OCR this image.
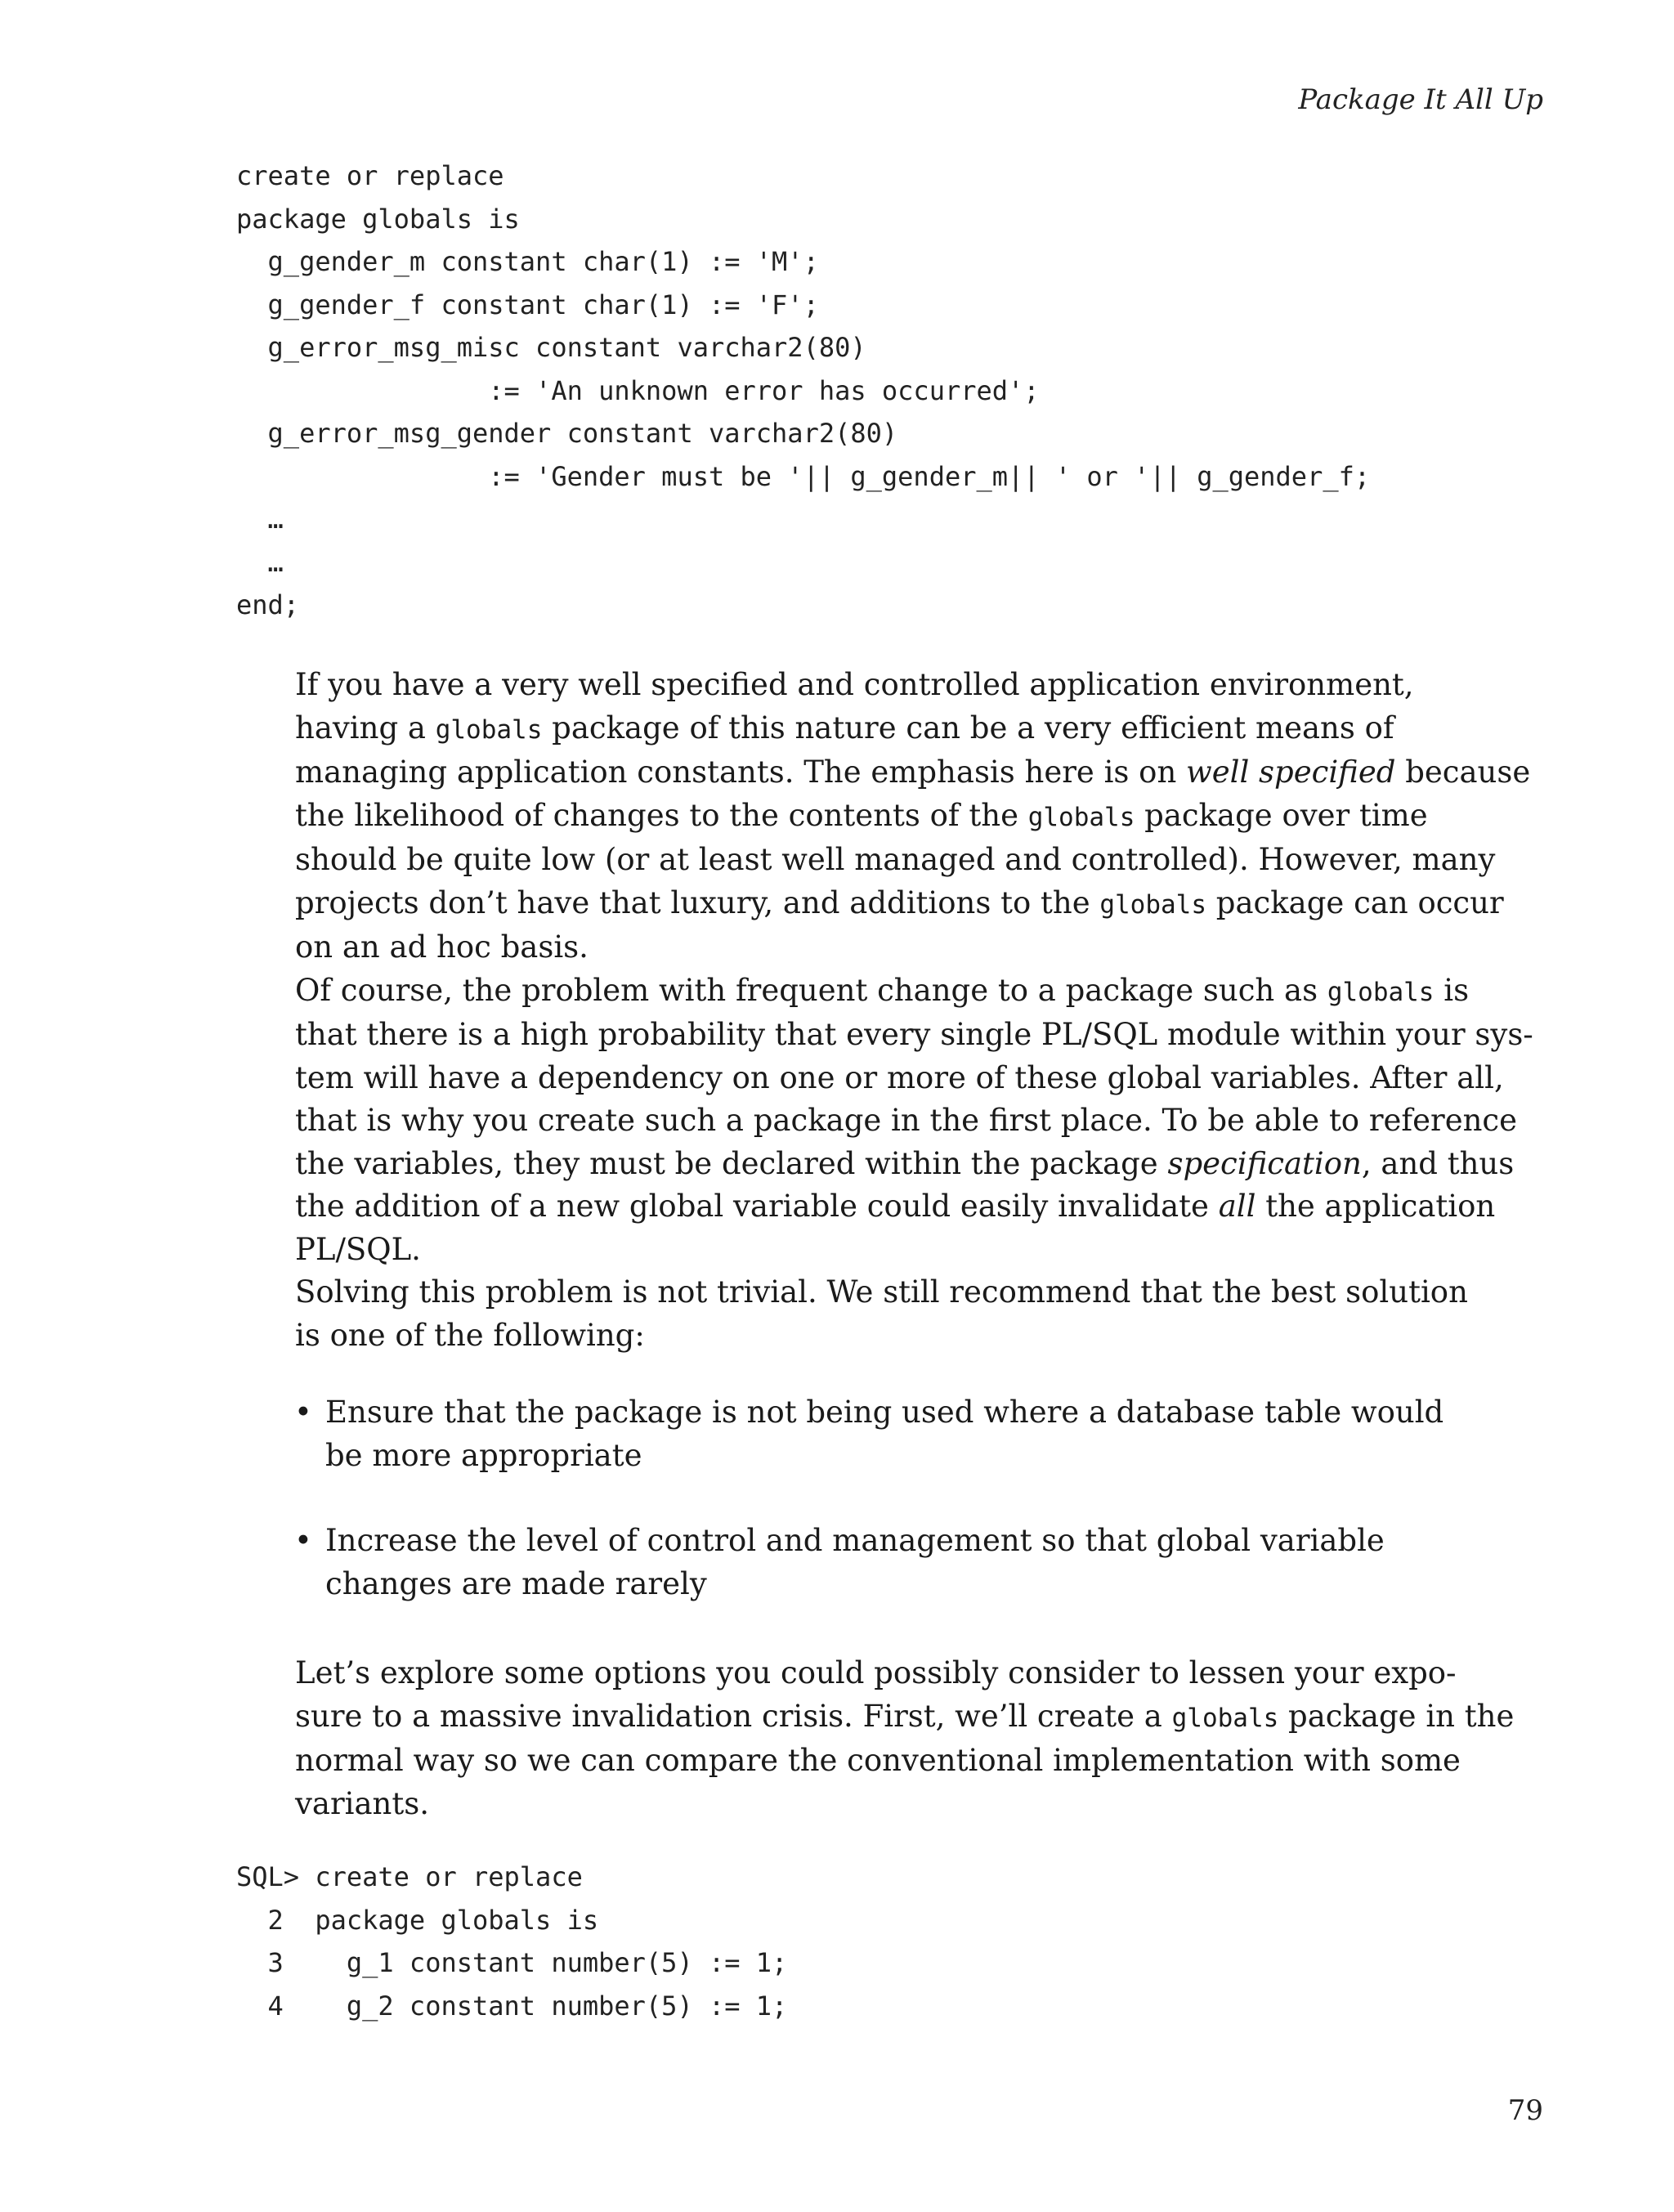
Package It All Up
create or replace
package globals is
g_gender_m constant char(1) := 'M';
g_gender_f constant char(1) := 'F';
g_error_msg_misc constant varchar2(80)
:= 'An unknown error has occurred';
g_error_msg_gender constant varchar2(80)
:= 'Gender must be '|| g_gender_m|| ' or '|| g_gender_f;
…
…
end;

If you have a very well specified and controlled application environment,
having a globals package of this nature can be a very efficient means of
managing application constants. The emphasis here is on well specified because
the likelihood of changes to the contents of the globals package over time
should be quite low (or at least well managed and controlled). However, many
projects don’t have that luxury, and additions to the globals package can occur
on an ad hoc basis.

Of course, the problem with frequent change to a package such as globals is
that there is a high probability that every single PL/SQL module within your sys-
tem will have a dependency on one or more of these global variables. After all,
that is why you create such a package in the first place. To be able to reference
the variables, they must be declared within the package specification, and thus
the addition of a new global variable could easily invalidate all the application
PL/SQL.

Solving this problem is not trivial. We still recommend that the best solution
is one of the following:

• Ensure that the package is not being used where a database table would
be more appropriate
• Increase the level of control and management so that global variable
changes are made rarely

Let’s explore some options you could possibly consider to lessen your expo-
sure to a massive invalidation crisis. First, we’ll create a globals package in the
normal way so we can compare the conventional implementation with some
variants.

SQL> create or replace
2  package globals is
3    g_1 constant number(5) := 1;
4    g_2 constant number(5) := 1;
79
